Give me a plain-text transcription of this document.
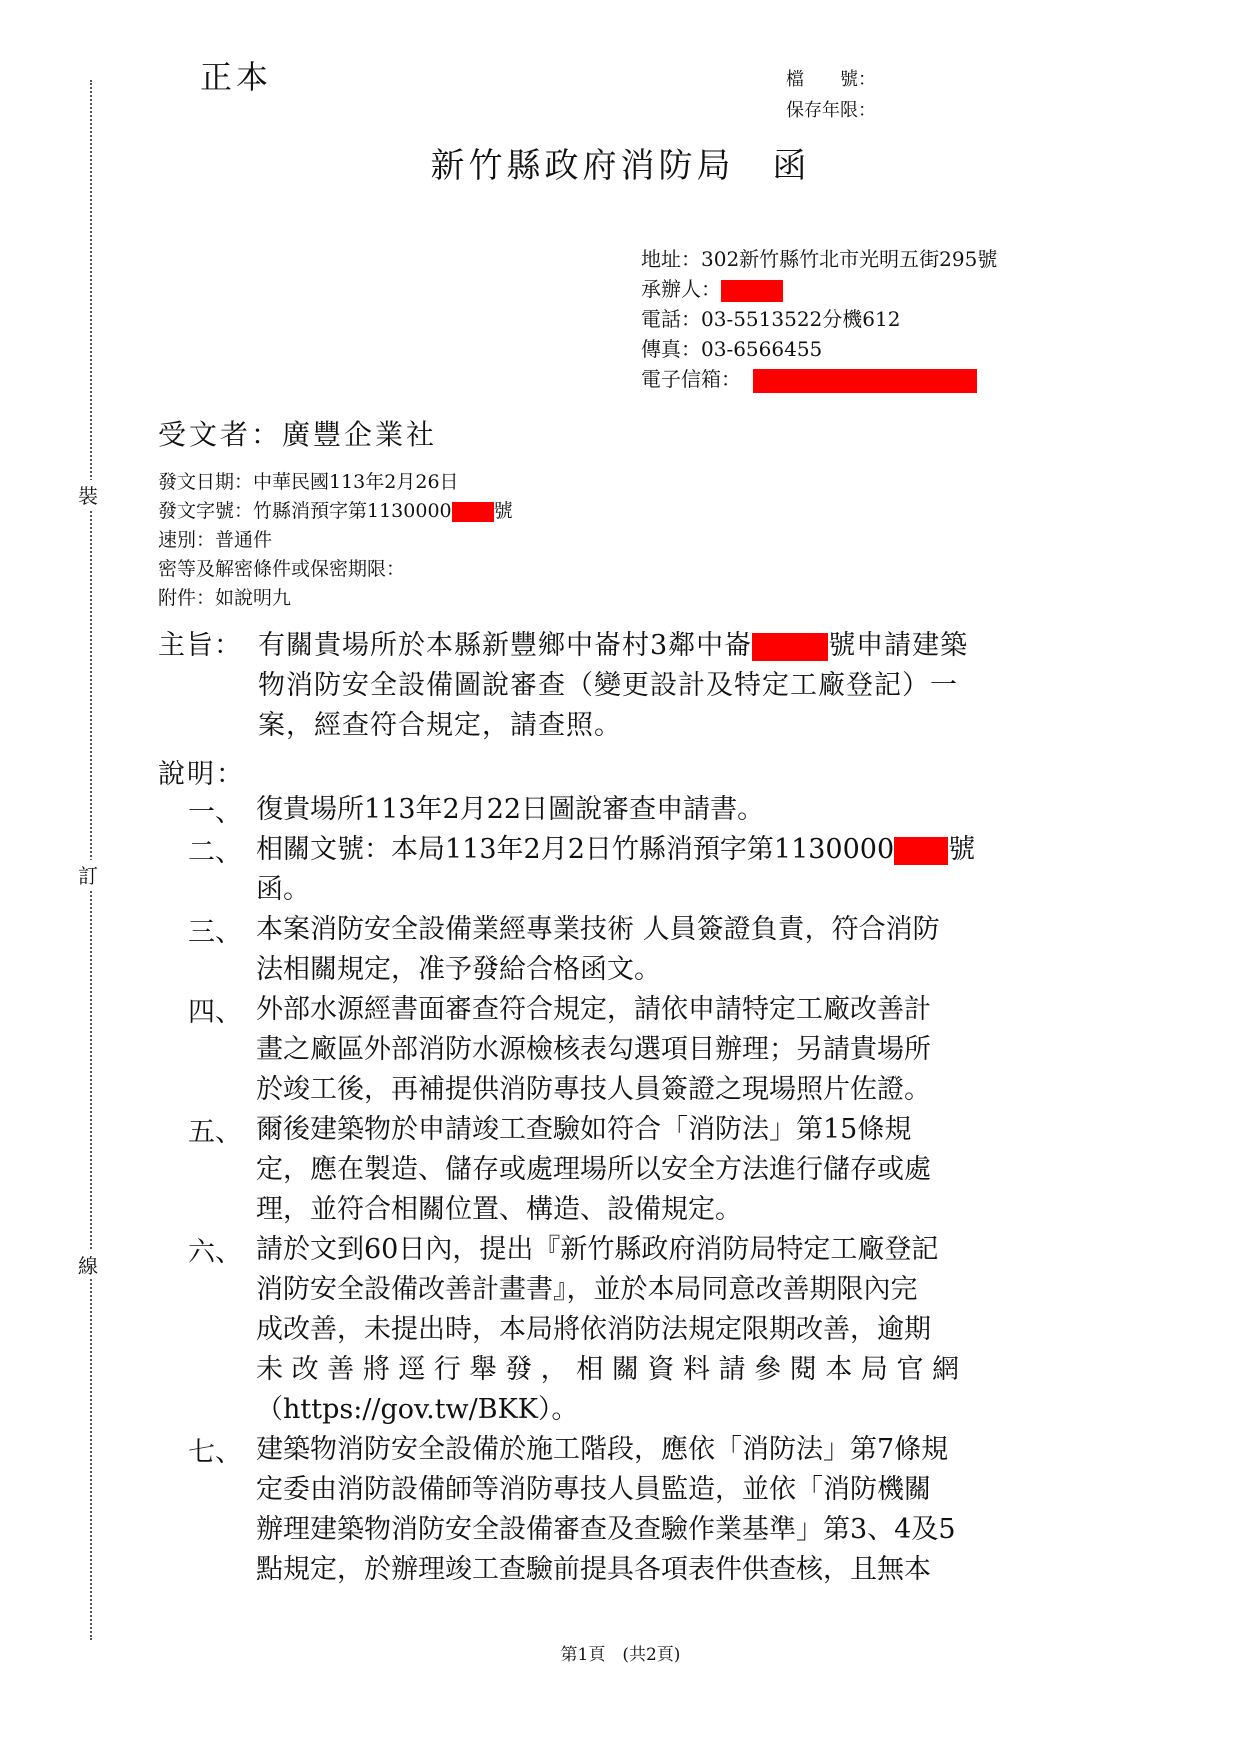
裝
訂
線
正本	檔　　號：
保存年限：
新竹縣政府消防局　函
地址：302新竹縣竹北市光明五街295號
承辦人：
電話：03-5513522分機612
傳真：03-6566455
電子信箱：
受文者：廣豐企業社
發文日期：中華民國113年2月26日
發文字號：竹縣消預字第1130000 號
速別：普通件
密等及解密條件或保密期限：
附件：如說明九
主旨： 有關貴場所於本縣新豐鄉中崙村3鄰中崙	號申請建築
物消防安全設備圖說審查（變更設計及特定工廠登記）一
案，經查符合規定，請查照。
說明：
一、 復貴場所113年2月22日圖說審查申請書。
二、 相關文號：本局113年2月2日竹縣消預字第1130000 號
函。
三、 本案消防安全設備業經專業技術 人員簽證負責，符合消防
法相關規定，准予發給合格函文。
四、 外部水源經書面審查符合規定，請依申請特定工廠改善計
畫之廠區外部消防水源檢核表勾選項目辦理；另請貴場所
於竣工後，再補提供消防專技人員簽證之現場照片佐證。
五、 爾後建築物於申請竣工查驗如符合「消防法」第15條規
定，應在製造、儲存或處理場所以安全方法進行儲存或處
理，並符合相關位置、構造、設備規定。
六、 請於文到60日內，提出『新竹縣政府消防局特定工廠登記
消防安全設備改善計畫書』，並於本局同意改善期限內完
成改善，未提出時，本局將依消防法規定限期改善，逾期
未 改 善 將 逕 行 舉 發 ， 相 關 資 料 請 參 閱 本 局 官 網
（https://gov.tw/BKK）。
七、 建築物消防安全設備於施工階段，應依「消防法」第7條規
定委由消防設備師等消防專技人員監造，並依「消防機關
辦理建築物消防安全設備審查及查驗作業基準」第3、4及5
點規定，於辦理竣工查驗前提具各項表件供查核，且無本
第1頁　(共2頁)
